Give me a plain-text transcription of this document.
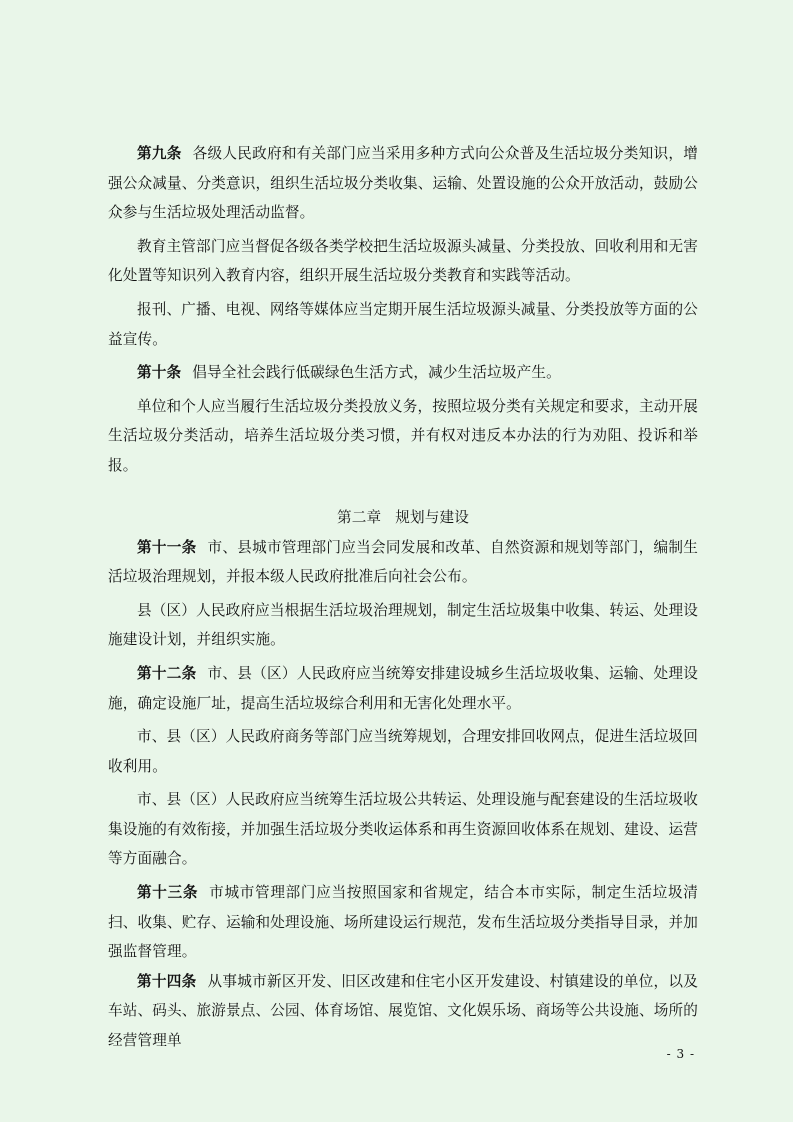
第九条 各级人民政府和有关部门应当采用多种方式向公众普及生活垃圾分类知识，增强公众减量、分类意识，组织生活垃圾分类收集、运输、处置设施的公众开放活动，鼓励公众参与生活垃圾处理活动监督。

教育主管部门应当督促各级各类学校把生活垃圾源头减量、分类投放、回收利用和无害化处置等知识列入教育内容，组织开展生活垃圾分类教育和实践等活动。

报刊、广播、电视、网络等媒体应当定期开展生活垃圾源头减量、分类投放等方面的公益宣传。

第十条 倡导全社会践行低碳绿色生活方式，减少生活垃圾产生。

单位和个人应当履行生活垃圾分类投放义务，按照垃圾分类有关规定和要求，主动开展生活垃圾分类活动，培养生活垃圾分类习惯，并有权对违反本办法的行为劝阻、投诉和举报。

第二章 规划与建设

第十一条 市、县城市管理部门应当会同发展和改革、自然资源和规划等部门，编制生活垃圾治理规划，并报本级人民政府批准后向社会公布。

县（区）人民政府应当根据生活垃圾治理规划，制定生活垃圾集中收集、转运、处理设施建设计划，并组织实施。

第十二条 市、县（区）人民政府应当统筹安排建设城乡生活垃圾收集、运输、处理设施，确定设施厂址，提高生活垃圾综合利用和无害化处理水平。

市、县（区）人民政府商务等部门应当统筹规划，合理安排回收网点，促进生活垃圾回收利用。

市、县（区）人民政府应当统筹生活垃圾公共转运、处理设施与配套建设的生活垃圾收集设施的有效衔接，并加强生活垃圾分类收运体系和再生资源回收体系在规划、建设、运营等方面融合。

第十三条 市城市管理部门应当按照国家和省规定，结合本市实际，制定生活垃圾清扫、收集、贮存、运输和处理设施、场所建设运行规范，发布生活垃圾分类指导目录，并加强监督管理。

第十四条 从事城市新区开发、旧区改建和住宅小区开发建设、村镇建设的单位，以及车站、码头、旅游景点、公园、体育场馆、展览馆、文化娱乐场、商场等公共设施、场所的经营管理单

- 3 -
